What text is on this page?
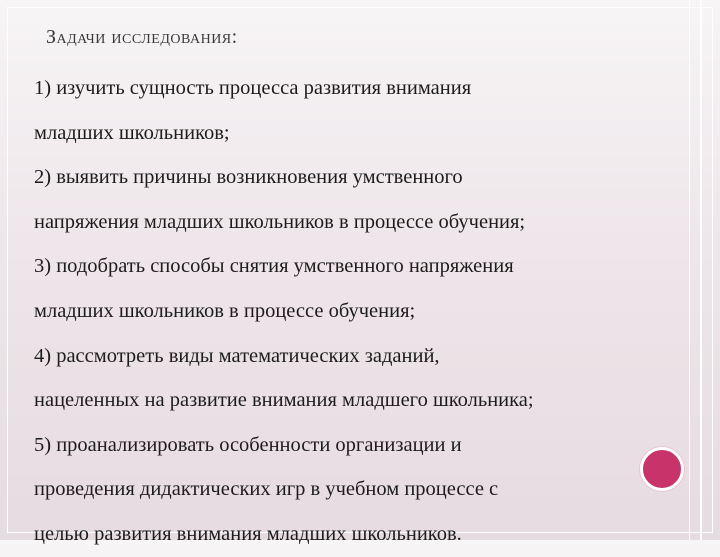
Задачи исследования:
1) изучить сущность процесса развития внимания
младших школьников;
2) выявить причины возникновения умственного
напряжения младших школьников в процессе обучения;
3) подобрать способы снятия умственного напряжения
младших школьников в процессе обучения;
4) рассмотреть виды математических заданий,
нацеленных на развитие внимания младшего школьника;
5) проанализировать особенности организации и
проведения дидактических игр в учебном процессе с
целью развития внимания младших школьников.
